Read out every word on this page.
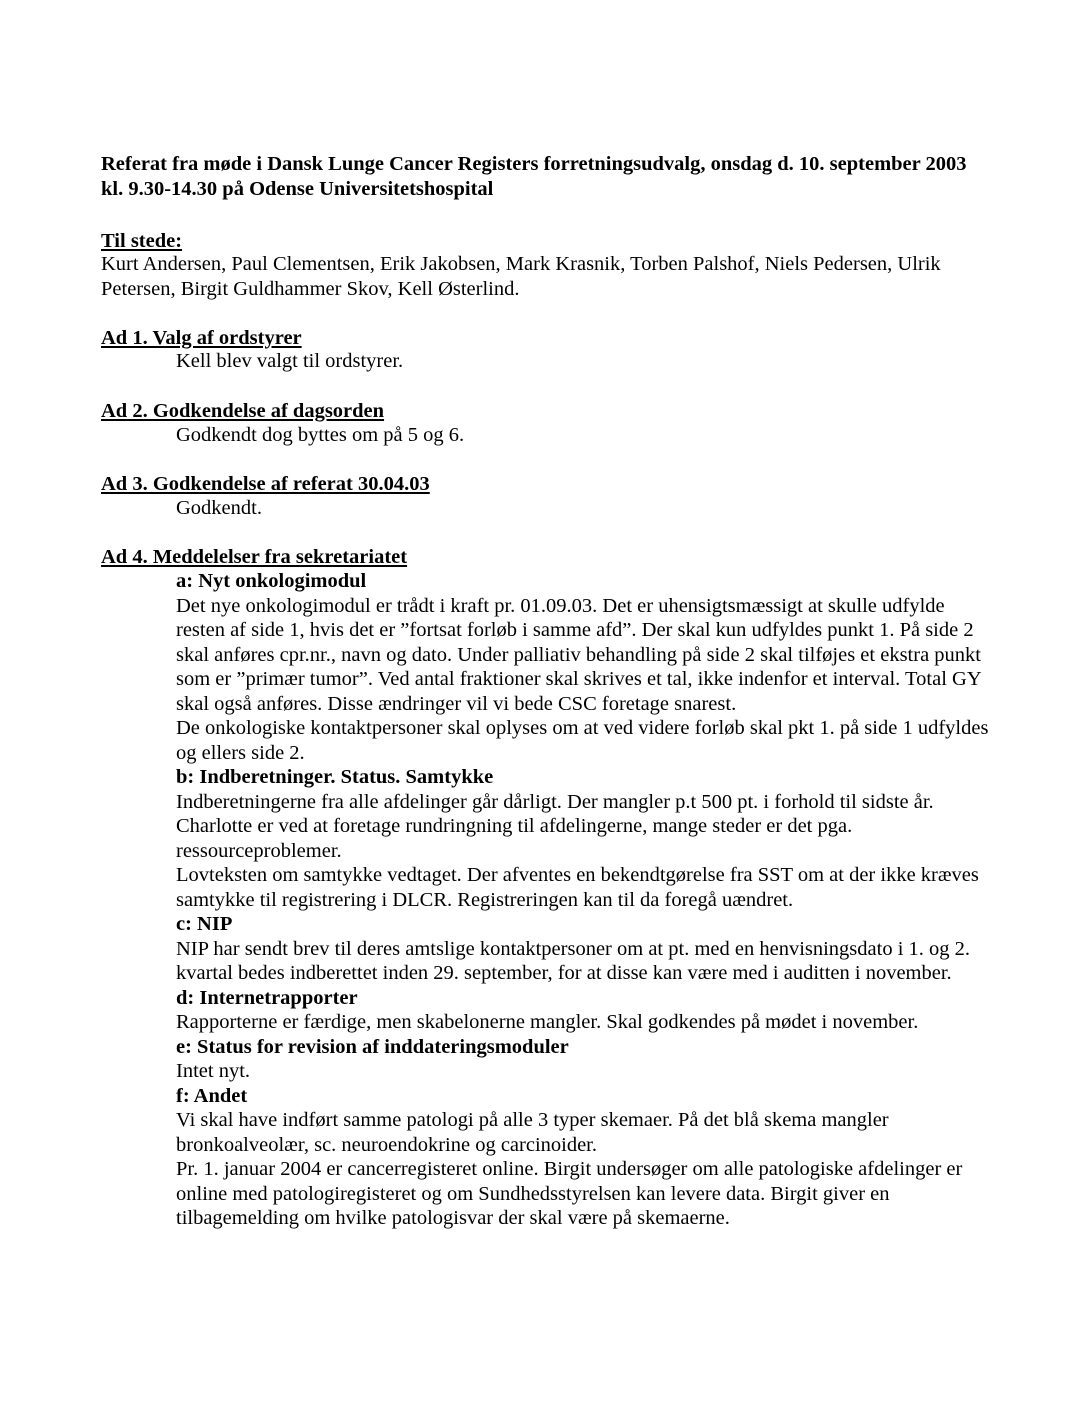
Referat fra møde i Dansk Lunge Cancer Registers forretningsudvalg, onsdag d. 10. september 2003 kl. 9.30-14.30 på Odense Universitetshospital

Til stede:

Kurt Andersen, Paul Clementsen, Erik Jakobsen, Mark Krasnik, Torben Palshof, Niels Pedersen, Ulrik Petersen, Birgit Guldhammer Skov, Kell Østerlind.

Ad 1. Valg af ordstyrer

Kell blev valgt til ordstyrer.

Ad 2. Godkendelse af dagsorden

Godkendt dog byttes om på 5 og 6.

Ad 3. Godkendelse af referat 30.04.03

Godkendt.

Ad 4. Meddelelser fra sekretariatet

a: Nyt onkologimodul

Det nye onkologimodul er trådt i kraft pr. 01.09.03. Det er uhensigtsmæssigt at skulle udfylde resten af side 1, hvis det er ”fortsat forløb i samme afd”. Der skal kun udfyldes punkt 1. På side 2 skal anføres cpr.nr., navn og dato. Under palliativ behandling på side 2 skal tilføjes et ekstra punkt som er ”primær tumor”. Ved antal fraktioner skal skrives et tal, ikke indenfor et interval. Total GY skal også anføres. Disse ændringer vil vi bede CSC foretage snarest.

De onkologiske kontaktpersoner skal oplyses om at ved videre forløb skal pkt 1. på side 1 udfyldes og ellers side 2.

b: Indberetninger. Status. Samtykke

Indberetningerne fra alle afdelinger går dårligt. Der mangler p.t 500 pt. i forhold til sidste år. Charlotte er ved at foretage rundringning til afdelingerne, mange steder er det pga. ressourceproblemer.

Lovteksten om samtykke vedtaget. Der afventes en bekendtgørelse fra SST om at der ikke kræves samtykke til registrering i DLCR. Registreringen kan til da foregå uændret.

c: NIP

NIP har sendt brev til deres amtslige kontaktpersoner om at pt. med en henvisningsdato i 1. og 2. kvartal bedes indberettet inden 29. september, for at disse kan være med i auditten i november.

d: Internetrapporter

Rapporterne er færdige, men skabelonerne mangler. Skal godkendes på mødet i november.

e: Status for revision af inddateringsmoduler

Intet nyt.

f: Andet

Vi skal have indført samme patologi på alle 3 typer skemaer. På det blå skema mangler bronkoalveolær, sc. neuroendokrine og carcinoider.

Pr. 1. januar 2004 er cancerregisteret online. Birgit undersøger om alle patologiske afdelinger er online med patologiregisteret og om Sundhedsstyrelsen kan levere data. Birgit giver en tilbagemelding om hvilke patologisvar der skal være på skemaerne.
